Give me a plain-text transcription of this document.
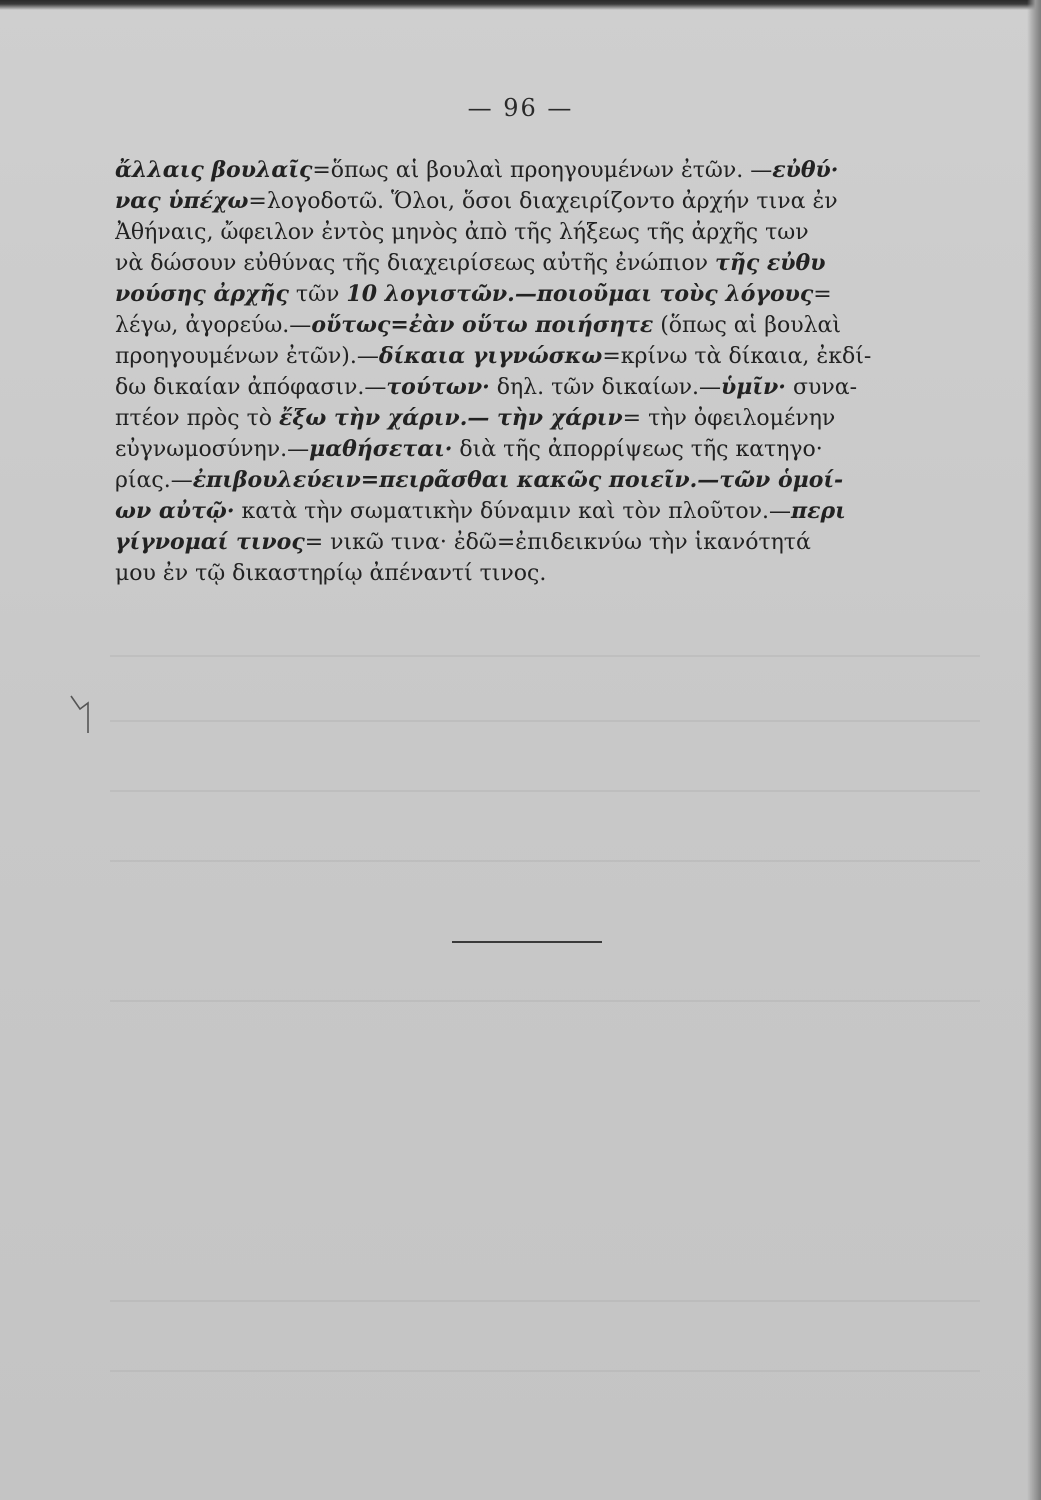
— 96 —
ἄλλαις βουλαῖς=ὅπως αἱ βουλαὶ προηγουμένων ἐτῶν. —εὐθύ·
νας ὑπέχω=λογοδοτῶ. Ὅλοι, ὅσοι διαχειρίζοντο ἀρχήν τινα ἐν
Ἀθήναις, ὤφειλον ἐντὸς μηνὸς ἀπὸ τῆς λήξεως τῆς ἀρχῆς των
νὰ δώσουν εὐθύνας τῆς διαχειρίσεως αὐτῆς ἐνώπιον τῆς εὐθυ
νούσης ἀρχῆς τῶν 10 λογιστῶν.—ποιοῦμαι τοὺς λόγους=
λέγω, ἀγορεύω.—οὕτως=ἐὰν οὕτω ποιήσητε (ὅπως αἱ βουλαὶ
προηγουμένων ἐτῶν).—δίκαια γιγνώσκω=κρίνω τὰ δίκαια, ἐκδί-
δω δικαίαν ἀπόφασιν.—τούτων· δηλ. τῶν δικαίων.—ὑμῖν· συνα-
πτέον πρὸς τὸ ἔξω τὴν χάριν.— τὴν χάριν= τὴν ὀφειλομένην
εὐγνωμοσύνην.—μαθήσεται· διὰ τῆς ἀπορρίψεως τῆς κατηγο·
ρίας.—ἐπιβουλεύειν=πειρᾶσθαι κακῶς ποιεῖν.—τῶν ὁμοί-
ων αὐτῷ· κατὰ τὴν σωματικὴν δύναμιν καὶ τὸν πλοῦτον.—περι
γίγνομαί τινος= νικῶ τινα· ἐδῶ=ἐπιδεικνύω τὴν ἱκανότητά
μου ἐν τῷ δικαστηρίῳ ἀπέναντί τινος.
